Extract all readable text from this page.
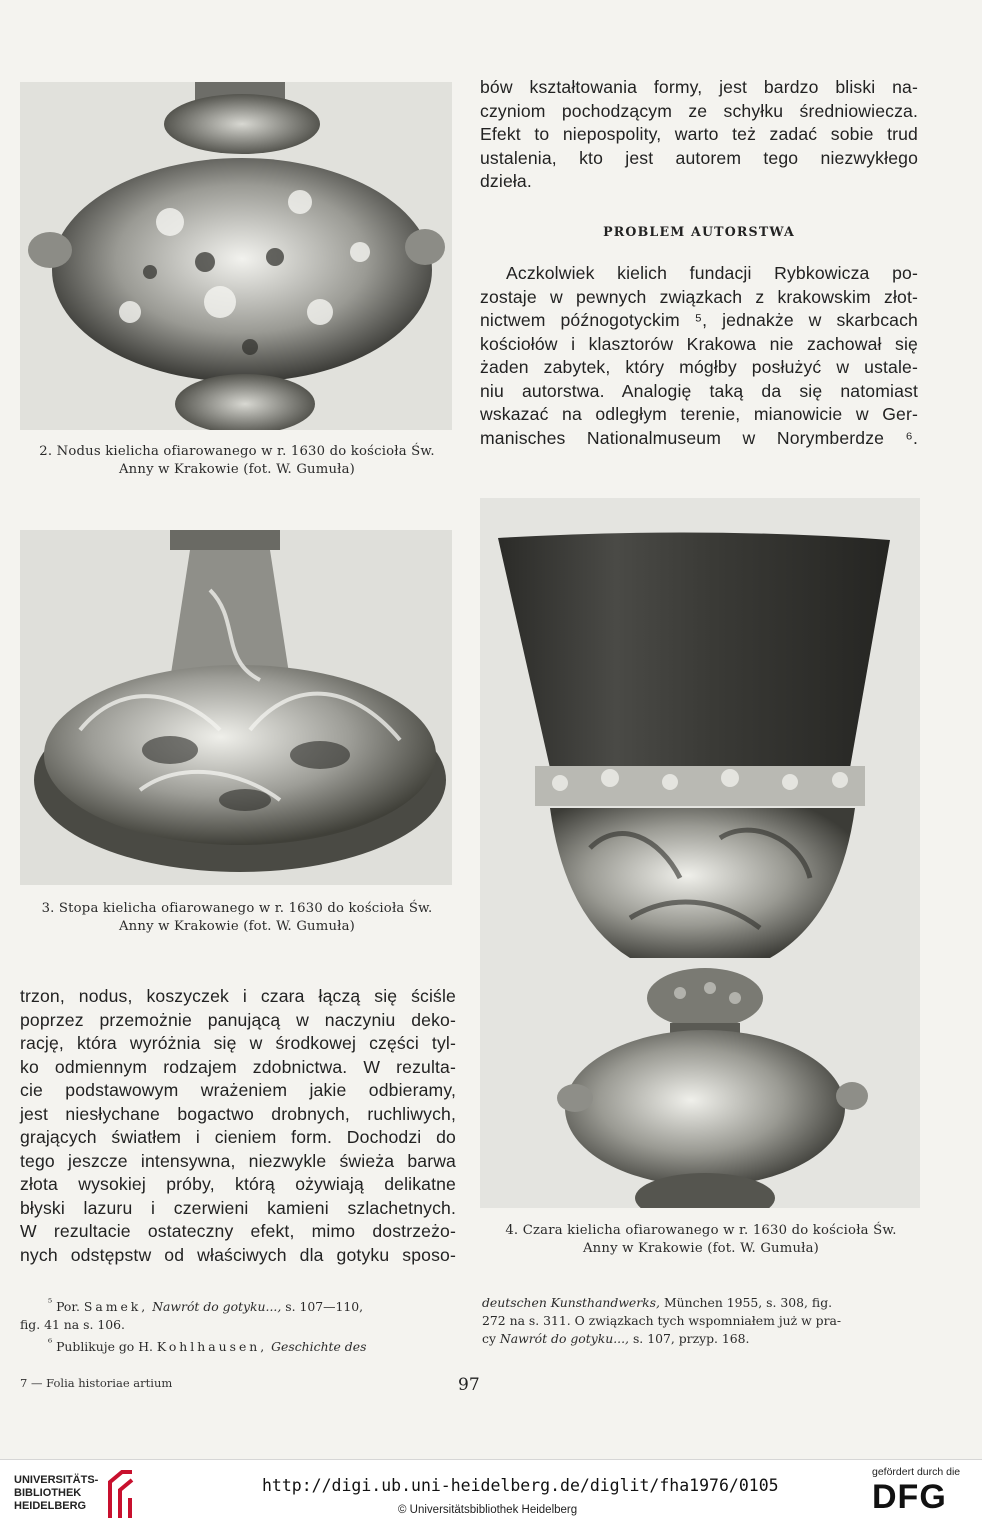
2. Nodus kielicha ofiarowanego w r. 1630 do kościoła Św.
Anny w Krakowie (fot. W. Gumuła)
3. Stopa kielicha ofiarowanego w r. 1630 do kościoła Św.
Anny w Krakowie (fot. W. Gumuła)
4. Czara kielicha ofiarowanego w r. 1630 do kościoła Św.
Anny w Krakowie (fot. W. Gumuła)
bów kształtowania formy, jest bardzo bliski na-
czyniom pochodzącym ze schyłku średniowiecza.
Efekt to niepospolity, warto też zadać sobie trud
ustalenia, kto jest autorem tego niezwykłego
dzieła.
PROBLEM AUTORSTWA
Aczkolwiek kielich fundacji Rybkowicza po-
zostaje w pewnych związkach z krakowskim złot-
nictwem późnogotyckim ⁵, jednakże w skarbcach
kościołów i klasztorów Krakowa nie zachował się
żaden zabytek, który mógłby posłużyć w ustale-
niu autorstwa. Analogię taką da się natomiast
wskazać na odległym terenie, mianowicie w Ger-
manisches Nationalmuseum w Norymberdze ⁶.
trzon, nodus, koszyczek i czara łączą się ściśle
poprzez przemożnie panującą w naczyniu deko-
rację, która wyróżnia się w środkowej części tyl-
ko odmiennym rodzajem zdobnictwa. W rezulta-
cie podstawowym wrażeniem jakie odbieramy,
jest niesłychane bogactwo drobnych, ruchliwych,
grających światłem i cieniem form. Dochodzi do
tego jeszcze intensywna, niezwykle świeża barwa
złota wysokiej próby, którą ożywiają delikatne
błyski lazuru i czerwieni kamieni szlachetnych.
W rezultacie ostateczny efekt, mimo dostrzeżo-
nych odstępstw od właściwych dla gotyku sposo-
$^{^5}$ Por. Samek, Nawrót do gotyku..., s. 107—110,
fig. 41 na s. 106.
$^{^6}$ Publikuje go H. Kohlhausen, Geschichte des
deutschen Kunsthandwerks, München 1955, s. 308, fig.
272 na s. 311. O związkach tych wspomniałem już w pra-
cy Nawrót do gotyku..., s. 107, przyp. 168.
7 — Folia historiae artium	97
UNIVERSITÄTS-
BIBLIOTHEK
HEIDELBERG
http://digi.ub.uni-heidelberg.de/diglit/fha1976/0105
© Universitätsbibliothek Heidelberg
gefördert durch die
DFG
